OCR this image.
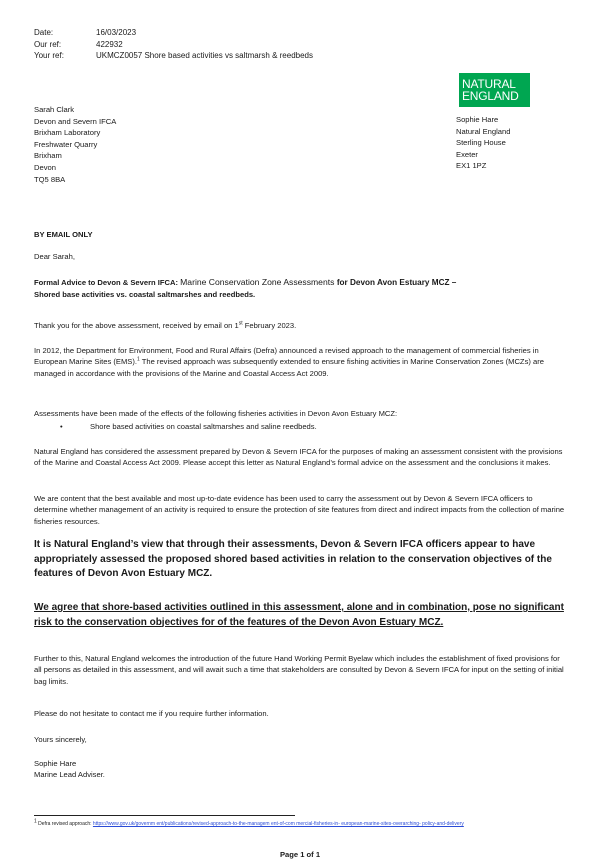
Date:	16/03/2023
Our ref:	422932
Your ref:	UKMCZ0057 Shore based activities vs saltmarsh & reedbeds
NATURAL
ENGLAND
Sarah Clark
Devon and Severn IFCA
Brixham Laboratory
Freshwater Quarry
Brixham
Devon
TQ5 8BA
Sophie Hare
Natural England
Sterling House
Exeter
EX1 1PZ
BY EMAIL ONLY
Dear Sarah,
Formal Advice to Devon & Severn IFCA: Marine Conservation Zone Assessments for Devon Avon Estuary MCZ –
Shored base activities vs. coastal saltmarshes and reedbeds.
Thank you for the above assessment, received by email on 1st February 2023.
In 2012, the Department for Environment, Food and Rural Affairs (Defra) announced a revised approach to the management of commercial fisheries in European Marine Sites (EMS).$^1$ The revised approach was subsequently extended to ensure fishing activities in Marine Conservation Zones (MCZs) are managed in accordance with the provisions of the Marine and Coastal Access Act 2009.
Assessments have been made of the effects of the following fisheries activities in Devon Avon Estuary MCZ:
•	Shore based activities on coastal saltmarshes and saline reedbeds.
Natural England has considered the assessment prepared by Devon & Severn IFCA for the purposes of making an assessment consistent with the provisions of the Marine and Coastal Access Act 2009. Please accept this letter as Natural England’s formal advice on the assessment and the conclusions it makes.
We are content that the best available and most up-to-date evidence has been used to carry the assessment out by Devon & Severn IFCA officers to determine whether management of an activity is required to ensure the protection of site features from direct and indirect impacts from the collection of marine fisheries resources.
It is Natural England’s view that through their assessments, Devon & Severn IFCA officers appear to have appropriately assessed the proposed shored based activities in relation to the conservation objectives of the features of Devon Avon Estuary MCZ.
We agree that shore-based activities outlined in this assessment, alone and in combination, pose no significant risk to the conservation objectives for of the features of the Devon Avon Estuary MCZ.
Further to this, Natural England welcomes the introduction of the future Hand Working Permit Byelaw which includes the establishment of fixed provisions for all persons as detailed in this assessment, and will await such a time that stakeholders are consulted by Devon & Severn IFCA for input on the setting of initial bag limits.
Please do not hesitate to contact me if you require further information.
Yours sincerely,
Sophie Hare
Marine Lead Adviser.
$^1$ Defra revised approach: https://www.gov.uk/governm ent/publications/revised-approach-to-the-managem ent-of-com mercial-fisheries-in- european-marine-sites-overarching- policy-and-delivery
Page 1 of 1
